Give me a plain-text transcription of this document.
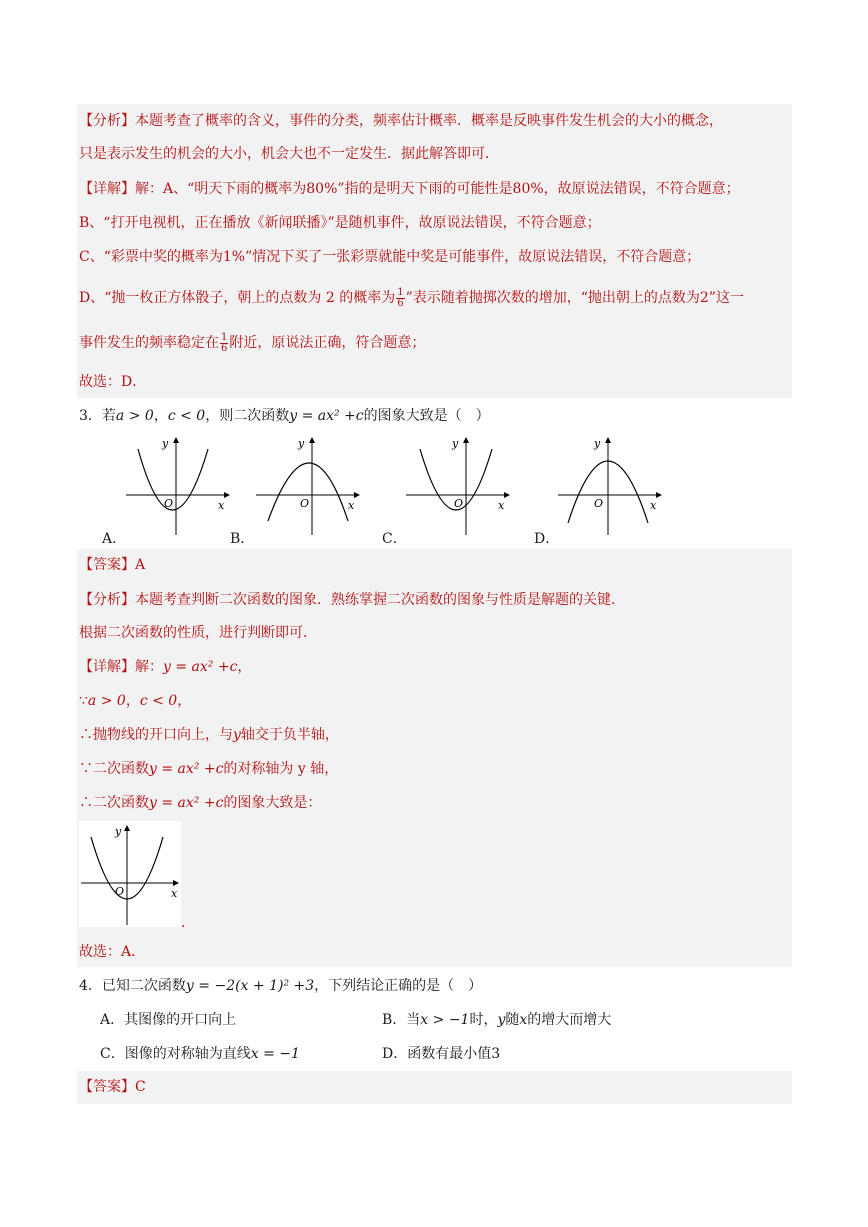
【分析】本题考查了概率的含义，事件的分类，频率估计概率．概率是反映事件发生机会的大小的概念，
只是表示发生的机会的大小，机会大也不一定发生．据此解答即可．
【详解】解：A、“明天下雨的概率为80%”指的是明天下雨的可能性是80%，故原说法错误，不符合题意；
B、“打开电视机，正在播放《新闻联播》”是随机事件，故原说法错误，不符合题意；
C、“彩票中奖的概率为1%”情况下买了一张彩票就能中奖是可能事件，故原说法错误，不符合题意；
D、“抛一枚正方体骰子，朝上的点数为 2 的概率为 $\frac{1}{6}$ ”表示随着抛掷次数的增加，“抛出朝上的点数为2”这一
事件发生的频率稳定在 $\frac{1}{6}$ 附近，原说法正确，符合题意；
故选：D．
3．若a > 0，c < 0，则二次函数y = ax² +c的图象大致是（　）
O	x
y
A．
O	x
y
B．
O	x
y
C．
O	x
y
D．
【答案】A
【分析】本题考查判断二次函数的图象．熟练掌握二次函数的图象与性质是解题的关键．
根据二次函数的性质，进行判断即可．
【详解】解：y = ax² +c，
∵a > 0，c < 0，
∴抛物线的开口向上，与y轴交于负半轴，
∵二次函数y = ax² +c的对称轴为 y 轴，
∴二次函数y = ax² +c的图象大致是：
O	x
y
.
故选：A．
4．已知二次函数y = −2(x + 1)² +3，下列结论正确的是（　）
A．其图像的开口向上	B．当x > −1时，y随x的增大而增大
C．图像的对称轴为直线x = −1	D．函数有最小值3
【答案】C
